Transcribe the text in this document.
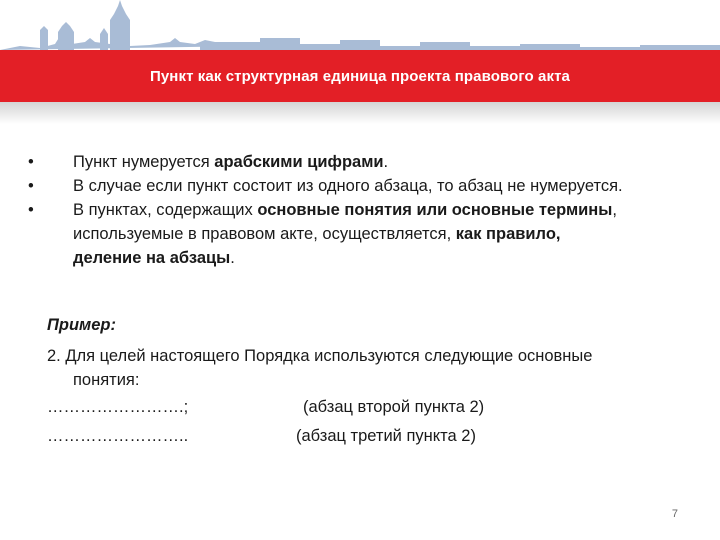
Пункт как структурная единица проекта правового акта
•	Пункт нумеруется арабскими цифрами.
•	В случае если пункт состоит из одного абзаца, то абзац не нумеруется.
•	В пунктах, содержащих основные понятия или основные термины,
используемые в правовом акте, осуществляется, как правило,
деление на абзацы.
Пример:
2. Для целей настоящего Порядка используются следующие основные
понятия:
…………………….;	(абзац второй пункта 2)
……………………..	(абзац третий пункта 2)
7
